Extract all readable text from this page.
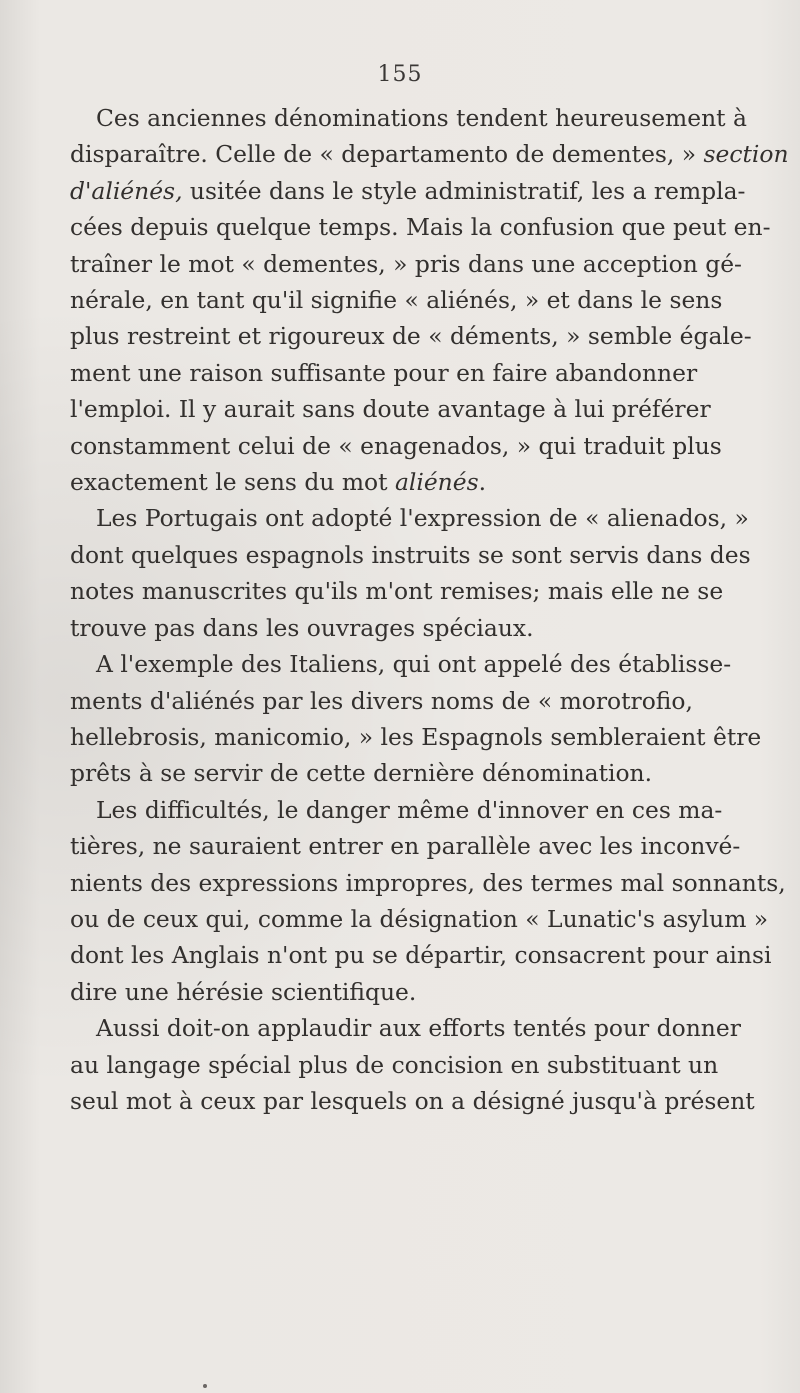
155

Ces anciennes dénominations tendent heureusement à
disparaître. Celle de « departamento de dementes, » section
d'aliénés, usitée dans le style administratif, les a rempla-
cées depuis quelque temps. Mais la confusion que peut en-
traîner le mot « dementes, » pris dans une acception gé-
nérale, en tant qu'il signifie « aliénés, » et dans le sens
plus restreint et rigoureux de « déments, » semble égale-
ment une raison suffisante pour en faire abandonner
l'emploi. Il y aurait sans doute avantage à lui préférer
constamment celui de « enagenados, » qui traduit plus
exactement le sens du mot aliénés.

Les Portugais ont adopté l'expression de « alienados, »
dont quelques espagnols instruits se sont servis dans des
notes manuscrites qu'ils m'ont remises; mais elle ne se
trouve pas dans les ouvrages spéciaux.

A l'exemple des Italiens, qui ont appelé des établisse-
ments d'aliénés par les divers noms de « morotrofio,
hellebrosis, manicomio, » les Espagnols sembleraient être
prêts à se servir de cette dernière dénomination.

Les difficultés, le danger même d'innover en ces ma-
tières, ne sauraient entrer en parallèle avec les inconvé-
nients des expressions impropres, des termes mal sonnants,
ou de ceux qui, comme la désignation « Lunatic's asylum »
dont les Anglais n'ont pu se départir, consacrent pour ainsi
dire une hérésie scientifique.

Aussi doit-on applaudir aux efforts tentés pour donner
au langage spécial plus de concision en substituant un
seul mot à ceux par lesquels on a désigné jusqu'à présent
